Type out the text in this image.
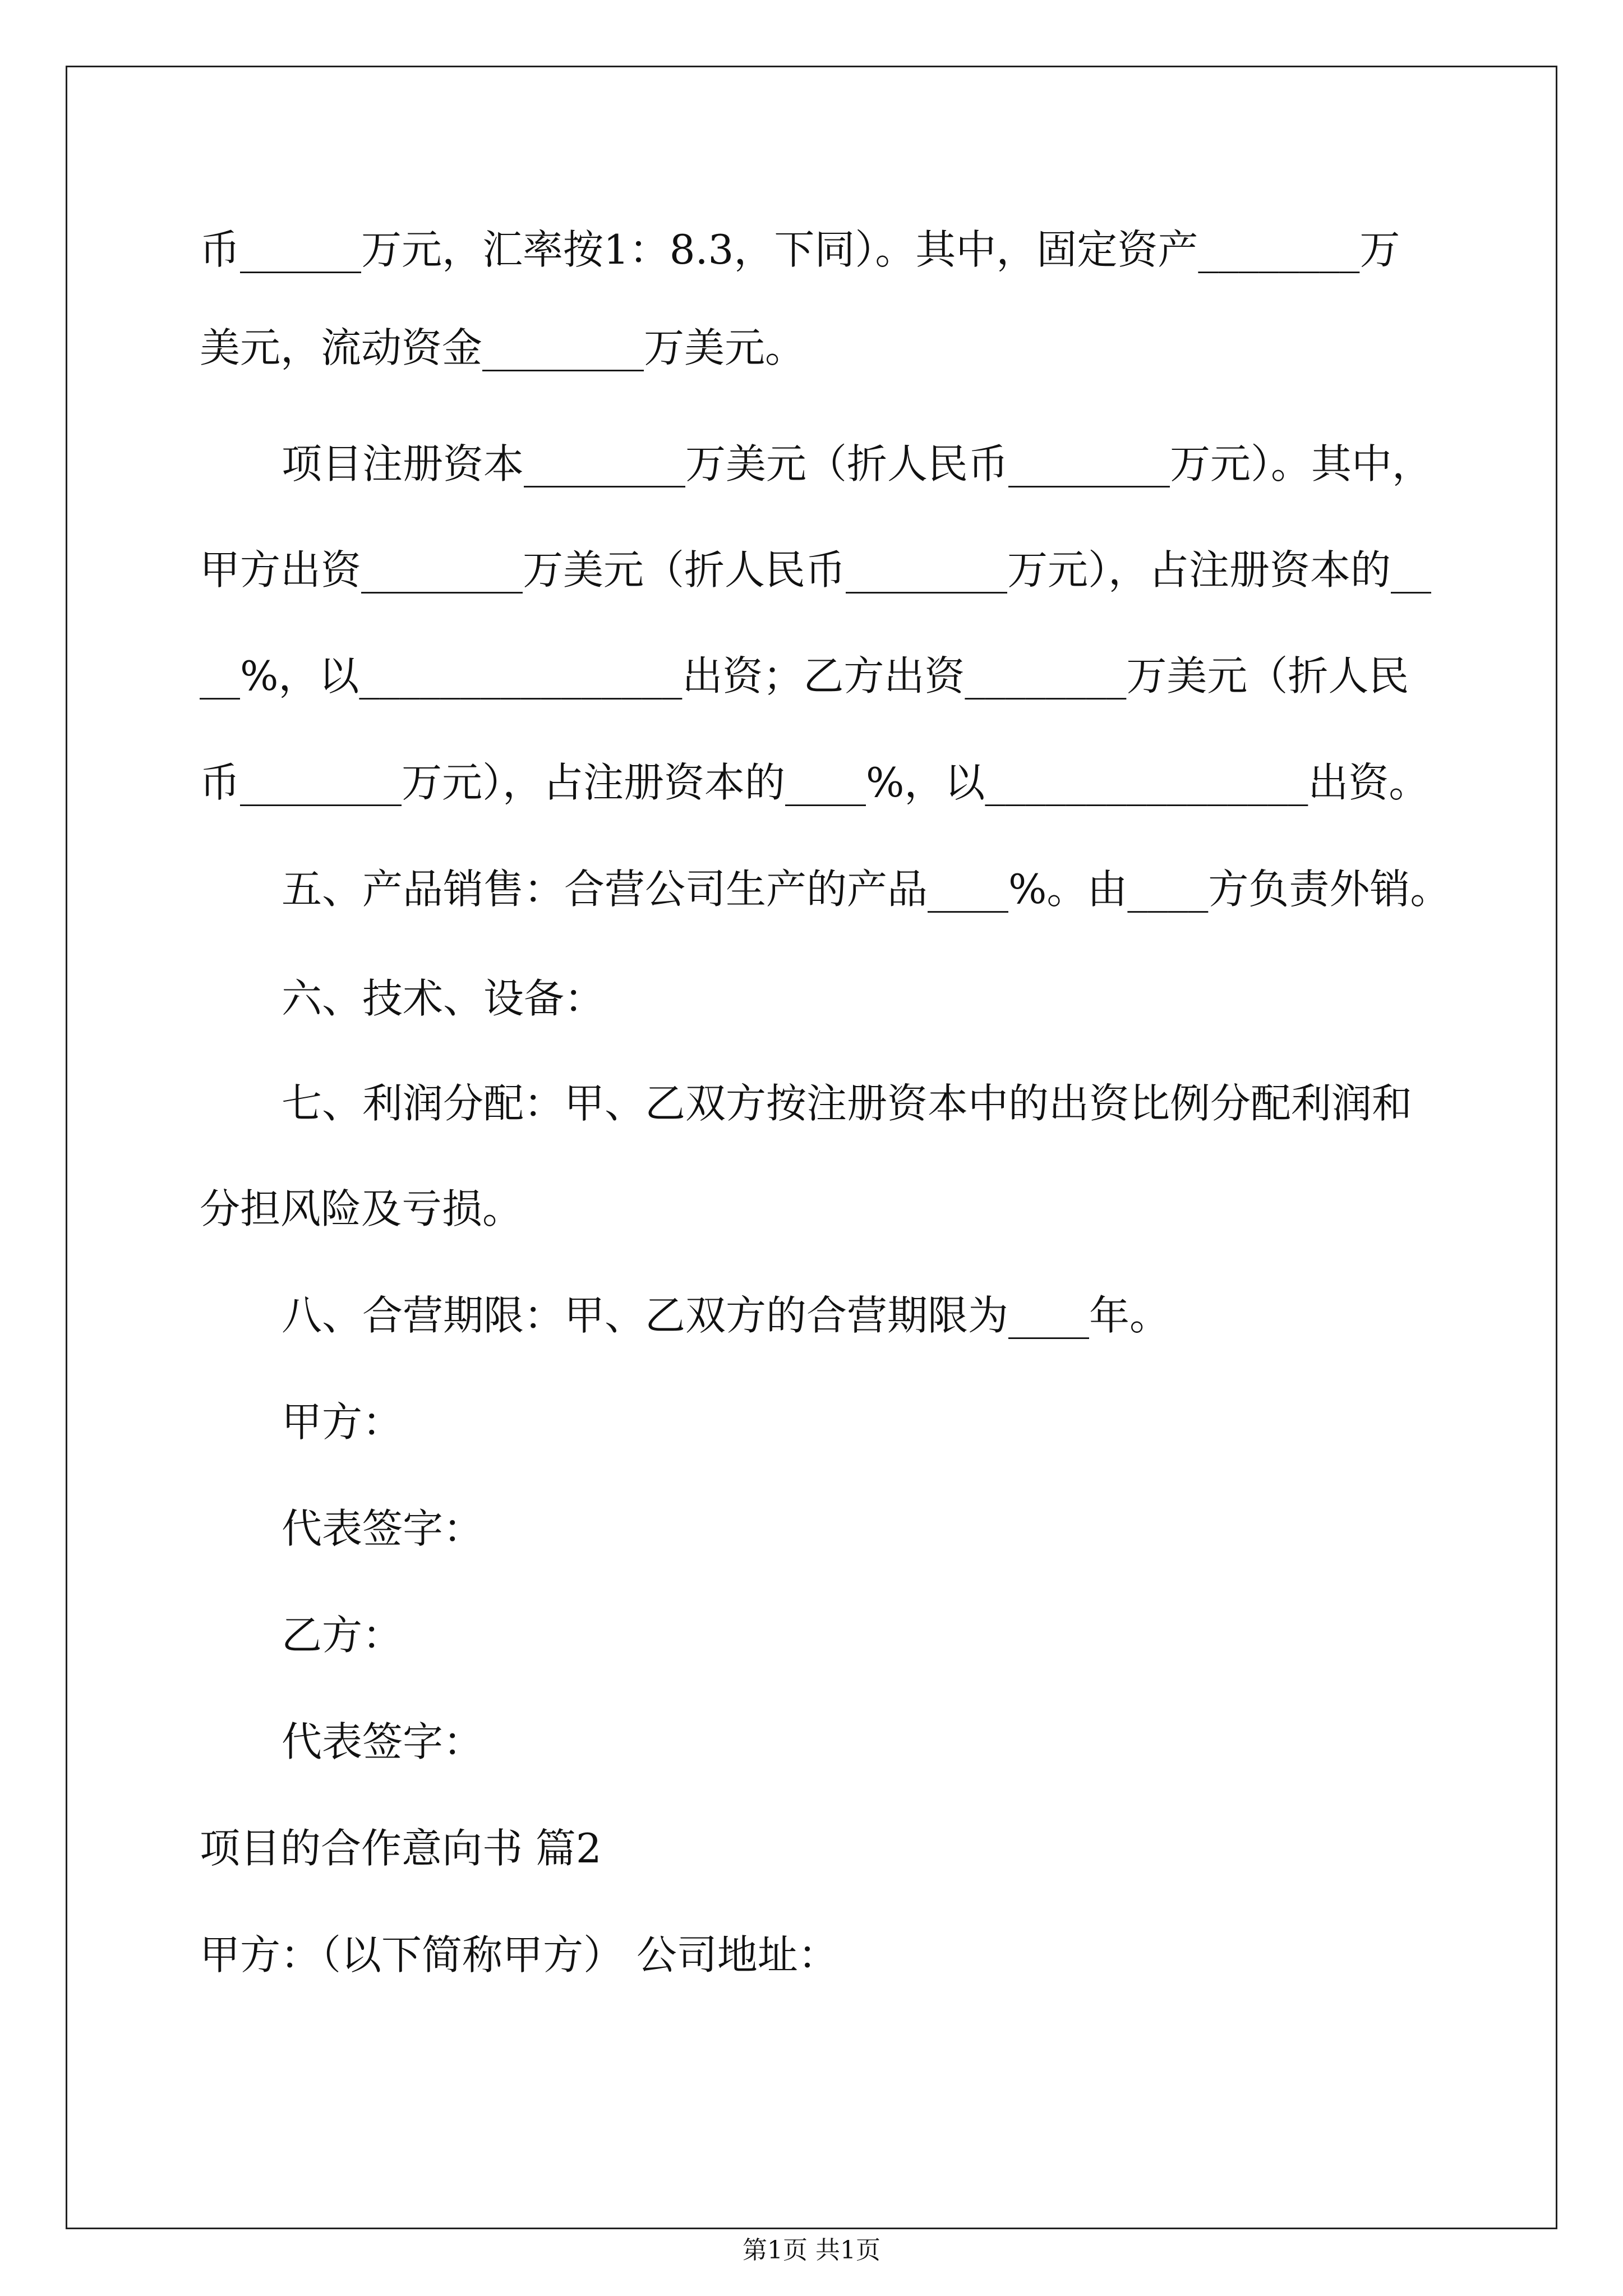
币______万元，汇率按1：8.3，下同）。其中，固定资产________万
美元，流动资金________万美元。
项目注册资本________万美元（折人民币________万元）。其中，
甲方出资________万美元（折人民币________万元），占注册资本的__
__%，以________________出资；乙方出资________万美元（折人民
币________万元），占注册资本的____%，以________________出资。
五、产品销售：合营公司生产的产品____%。由____方负责外销。
六、技术、设备：
七、利润分配：甲、乙双方按注册资本中的出资比例分配利润和
分担风险及亏损。
八、合营期限：甲、乙双方的合营期限为____年。
甲方：
代表签字：
乙方：
代表签字：
项目的合作意向书 篇2
甲方：（以下简称甲方） 公司地址：
第1页 共1页
